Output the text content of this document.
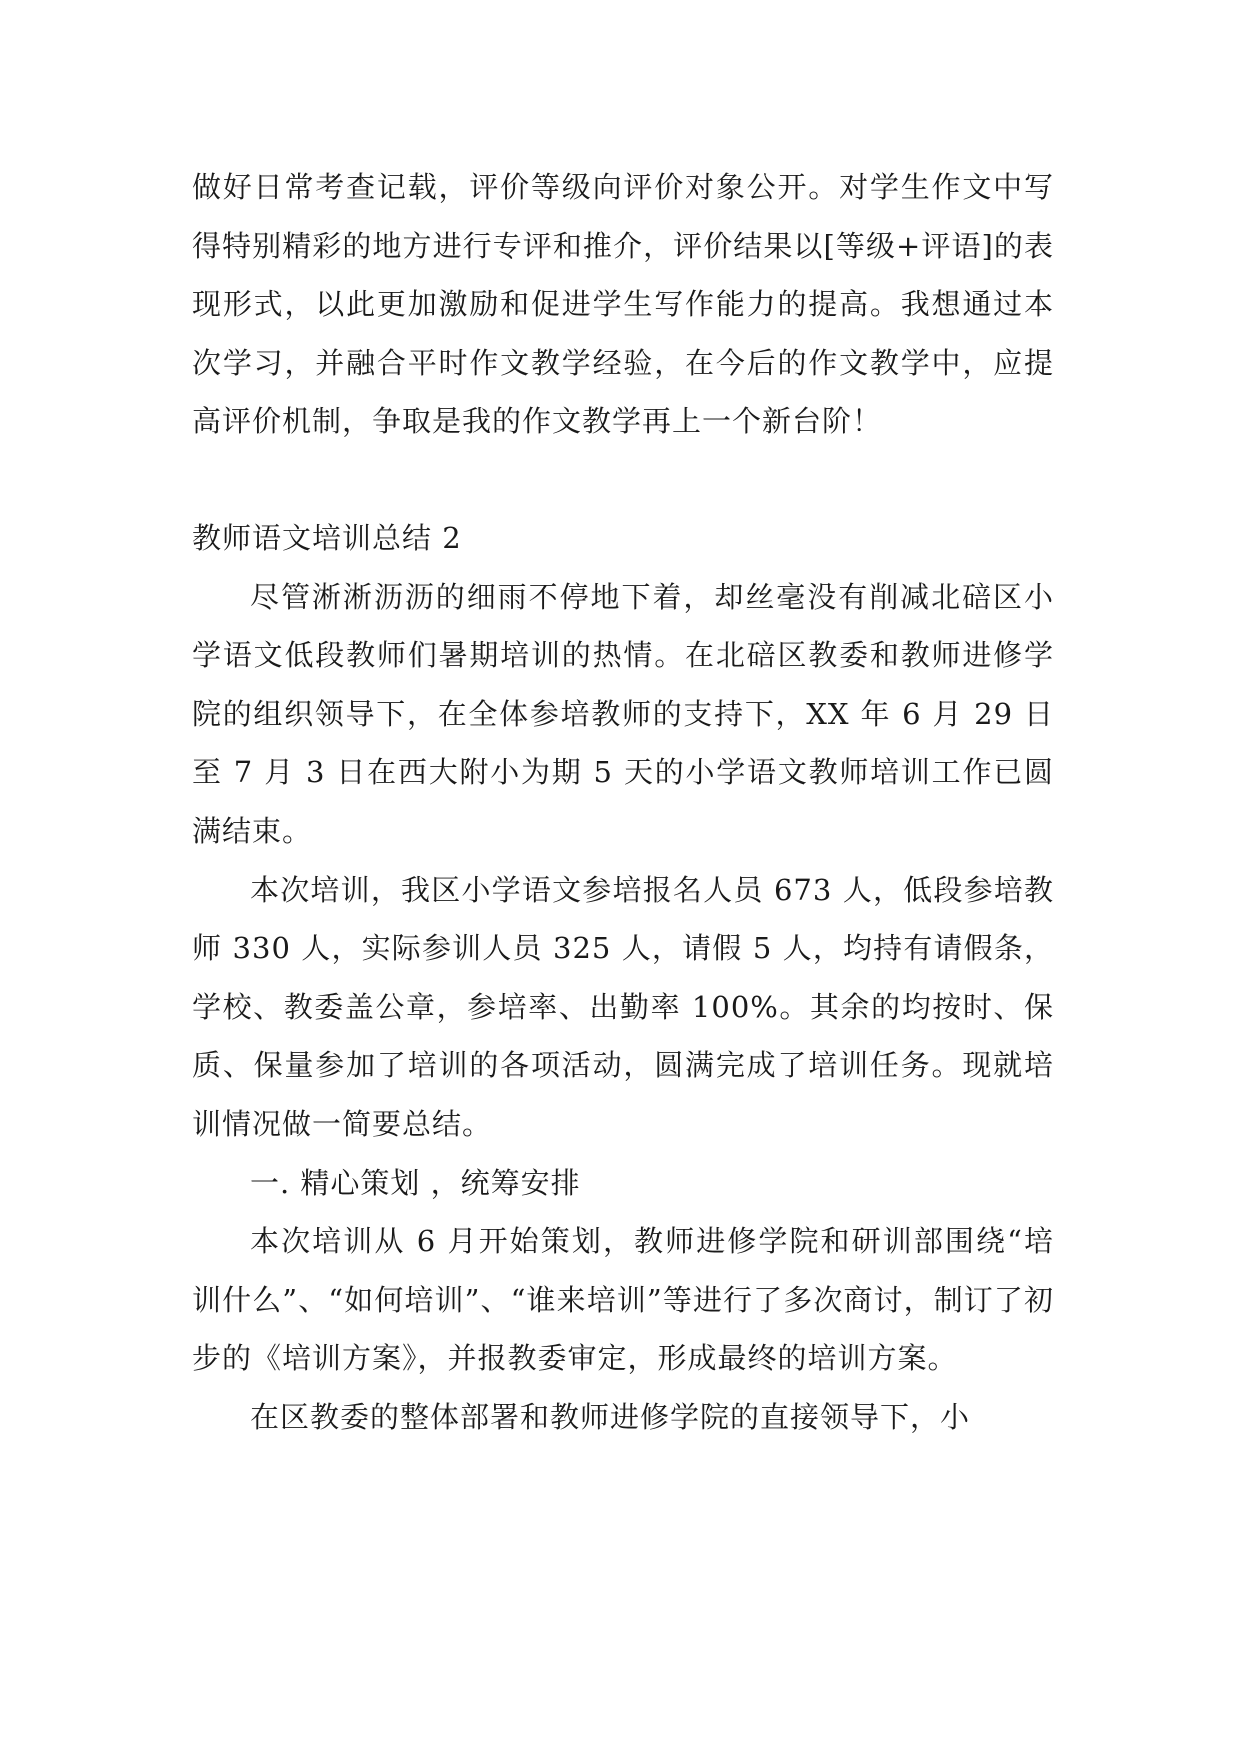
做好日常考查记载，评价等级向评价对象公开。对学生作文中写得特别精彩的地方进行专评和推介，评价结果以[等级+评语]的表现形式，以此更加激励和促进学生写作能力的提高。我想通过本次学习，并融合平时作文教学经验，在今后的作文教学中，应提高评价机制，争取是我的作文教学再上一个新台阶！

教师语文培训总结 2

尽管淅淅沥沥的细雨不停地下着，却丝毫没有削减北碚区小学语文低段教师们暑期培训的热情。在北碚区教委和教师进修学院的组织领导下，在全体参培教师的支持下，XX 年 6 月 29 日至 7 月 3 日在西大附小为期 5 天的小学语文教师培训工作已圆满结束。

本次培训，我区小学语文参培报名人员 673 人，低段参培教师 330 人，实际参训人员 325 人，请假 5 人，均持有请假条，学校、教委盖公章，参培率、出勤率 100%。其余的均按时、保质、保量参加了培训的各项活动，圆满完成了培训任务。现就培训情况做一简要总结。

一. 精心策划 ，统筹安排

本次培训从 6 月开始策划，教师进修学院和研训部围绕“培训什么”、“如何培训”、“谁来培训”等进行了多次商讨，制订了初步的《培训方案》，并报教委审定，形成最终的培训方案。

在区教委的整体部署和教师进修学院的直接领导下，小
